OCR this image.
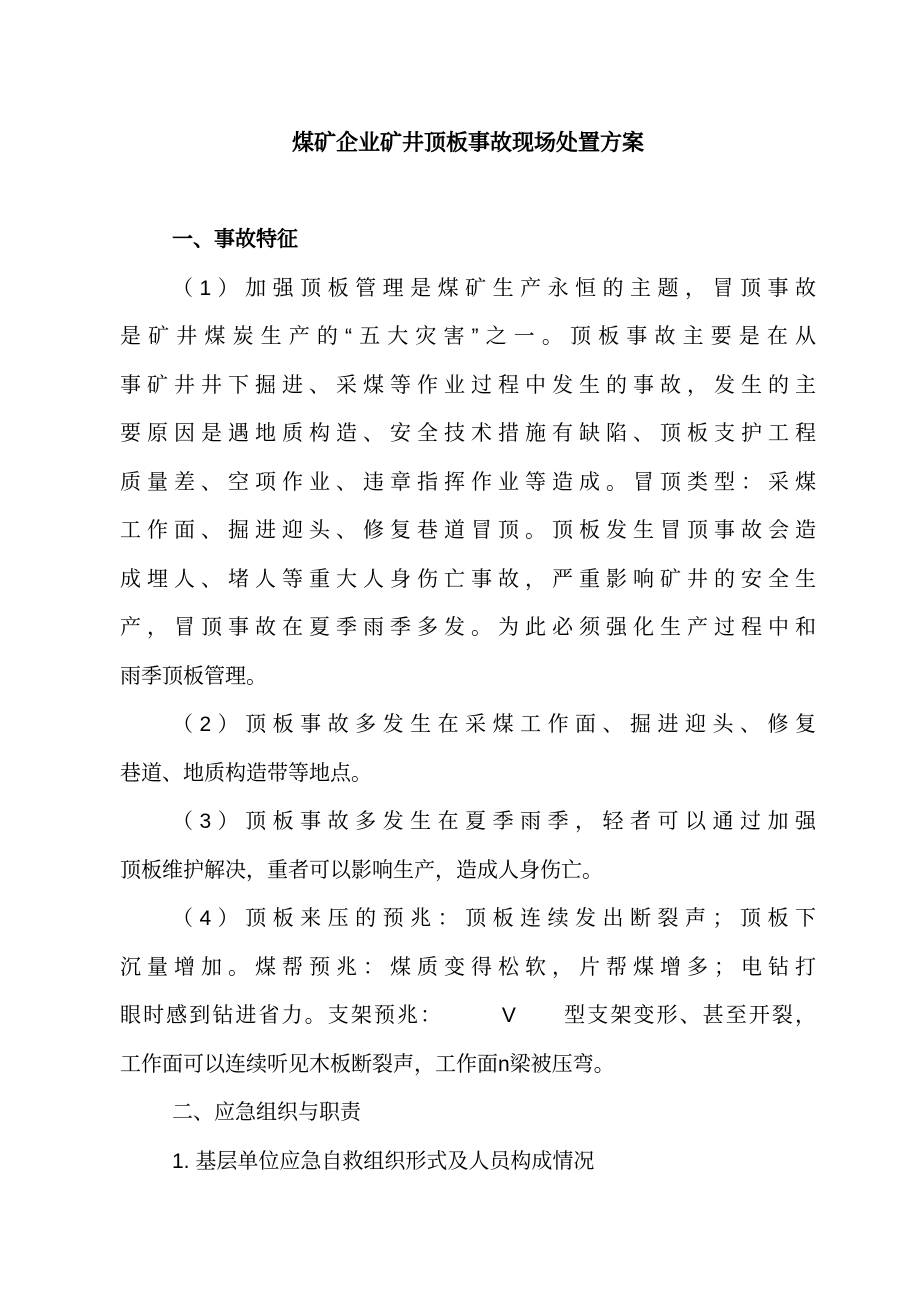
煤矿企业矿井顶板事故现场处置方案
一、事故特征
（1）加强顶板管理是煤矿生产永恒的主题，冒顶事故
是矿井煤炭生产的“五大灾害”之一。顶板事故主要是在从
事矿井井下掘进、采煤等作业过程中发生的事故，发生的主
要原因是遇地质构造、安全技术措施有缺陷、顶板支护工程
质量差、空项作业、违章指挥作业等造成。冒顶类型：采煤
工作面、掘进迎头、修复巷道冒顶。顶板发生冒顶事故会造
成埋人、堵人等重大人身伤亡事故，严重影响矿井的安全生
产，冒顶事故在夏季雨季多发。为此必须强化生产过程中和
雨季顶板管理。
（2）顶板事故多发生在采煤工作面、掘进迎头、修复
巷道、地质构造带等地点。
（3）顶板事故多发生在夏季雨季，轻者可以通过加强
顶板维护解决，重者可以影响生产，造成人身伤亡。
（4）顶板来压的预兆：顶板连续发出断裂声；顶板下
沉量增加。煤帮预兆：煤质变得松软，片帮煤增多；电钻打
眼时感到钻进省力。支架预兆：　　　V　　型支架变形、甚至开裂，
工作面可以连续听见木板断裂声，工作面n梁被压弯。
二、应急组织与职责
1. 基层单位应急自救组织形式及人员构成情况
